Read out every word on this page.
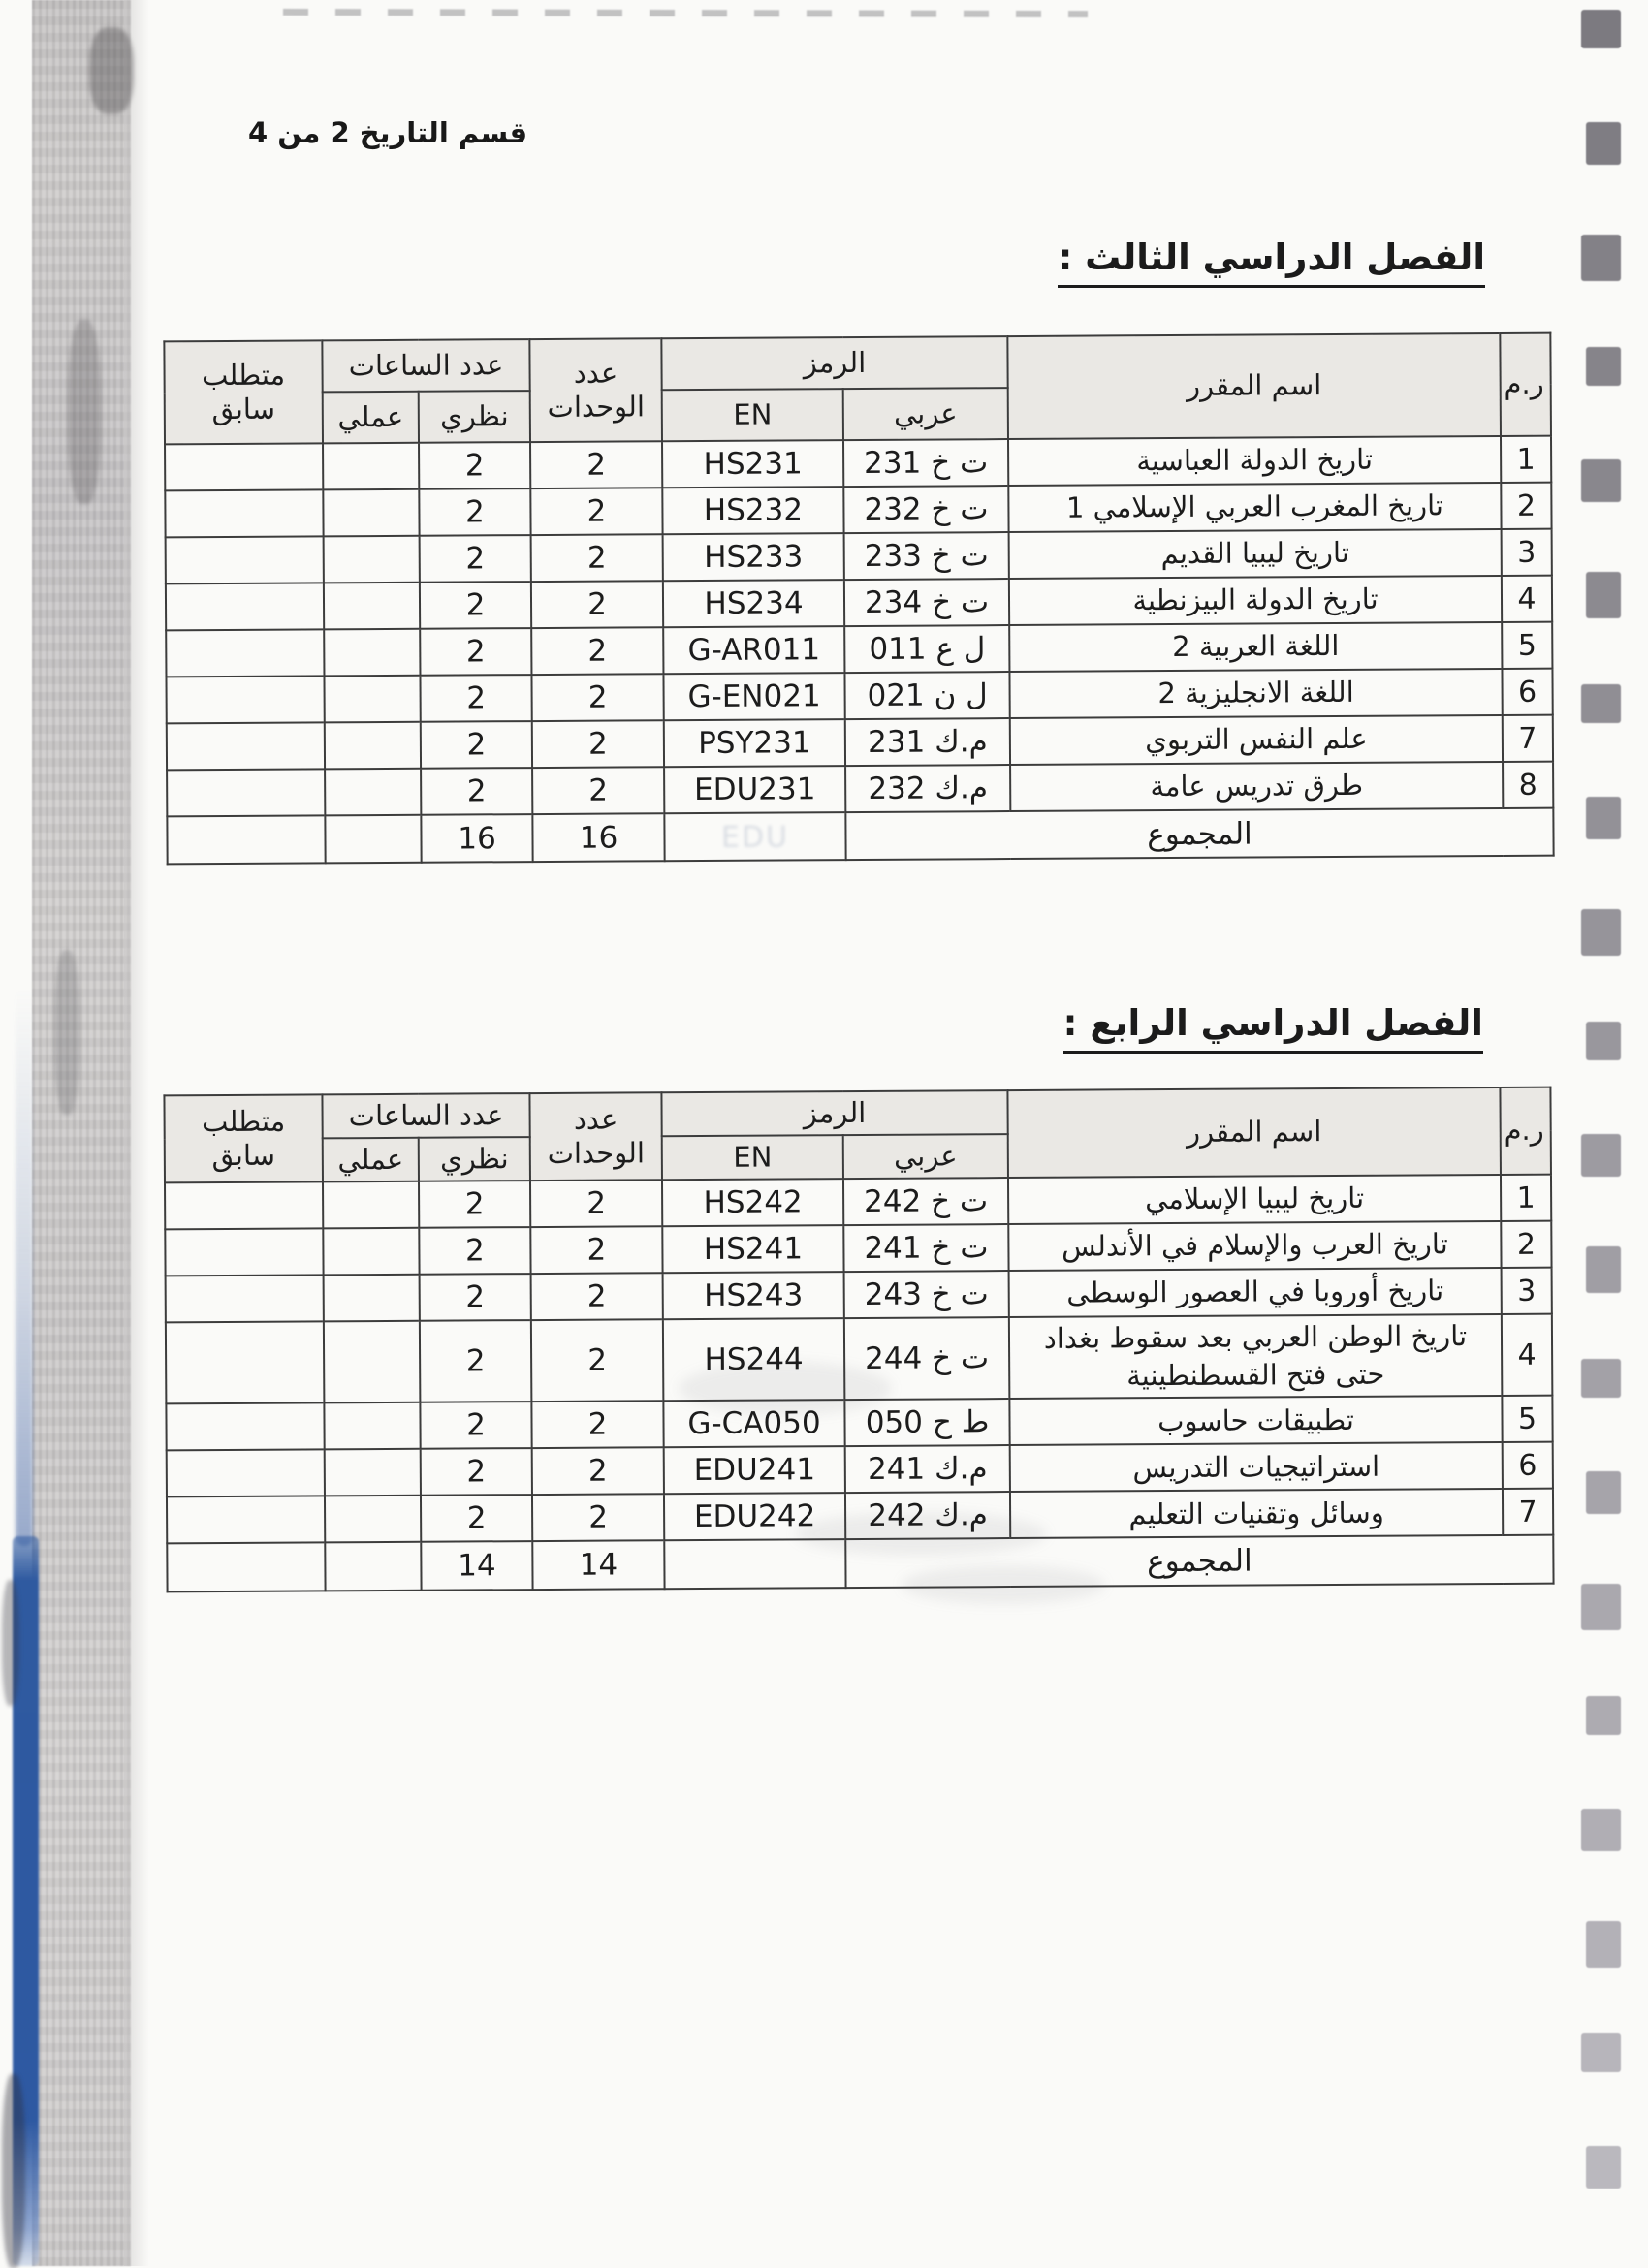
قسم التاريخ 2 من 4
الفصل الدراسي الثالث :
ر.م	اسم المقرر	الرمز		عدد الوحدات	عدد الساعات		متطلب سابق
		عربي	EN		نظري	عملي	
1	تاريخ الدولة العباسية	ت خ 231	HS231	2	2		
2	تاريخ المغرب العربي الإسلامي 1	ت خ 232	HS232	2	2		
3	تاريخ ليبيا القديم	ت خ 233	HS233	2	2		
4	تاريخ الدولة البيزنطية	ت خ 234	HS234	2	2		
5	اللغة العربية 2	ل ع 011	G-AR011	2	2		
6	اللغة الانجليزية 2	ل ن 021	G-EN021	2	2		
7	علم النفس التربوي	م.ك 231	PSY231	2	2		
8	طرق تدريس عامة	م.ك 232	EDU231	2	2		
المجموع			EDU	16	16		
الفصل الدراسي الرابع :
ر.م	اسم المقرر	الرمز		عدد الوحدات	عدد الساعات		متطلب سابق
		عربي	EN		نظري	عملي	
1	تاريخ ليبيا الإسلامي	ت خ 242	HS242	2	2		
2	تاريخ العرب والإسلام في الأندلس	ت خ 241	HS241	2	2		
3	تاريخ أوروبا في العصور الوسطى	ت خ 243	HS243	2	2		
4	تاريخ الوطن العربي بعد سقوط بغداد حتى فتح القسطنطينية	ت خ 244	HS244	2	2		
5	تطبيقات حاسوب	ط ح 050	G-CA050	2	2		
6	استراتيجيات التدريس	م.ك 241	EDU241	2	2		
7	وسائل وتقنيات التعليم	م.ك 242	EDU242	2	2		
المجموع				14	14		
